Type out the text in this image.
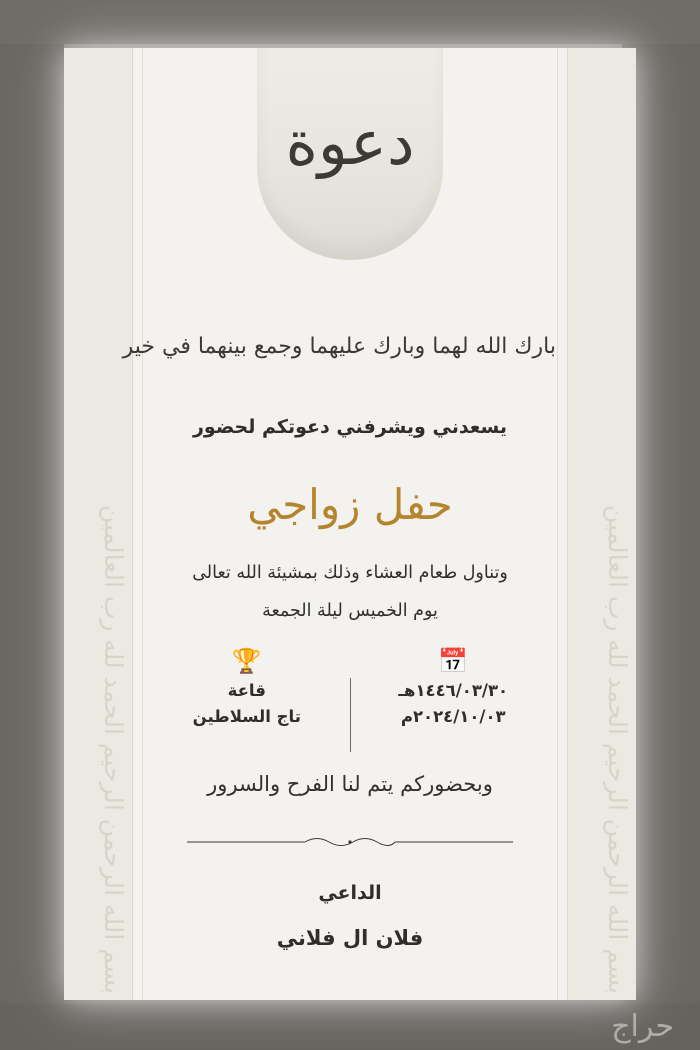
بسم الله الرحمن الرحيم الحمد لله رب العالمين
بسم الله الرحمن الرحيم الحمد لله رب العالمين
دعوة
بارك الله لهما وبارك عليهما وجمع بينهما في خير
يسعدني ويشرفني دعوتكم لحضور
حفل زواجي
وتناول طعام العشاء وذلك بمشيئة الله تعالى
يوم الخميس ليلة الجمعة
📅
١٤٤٦/٠٣/٣٠هـ
٢٠٢٤/١٠/٠٣م
🏆
قاعة
تاج السلاطين
وبحضوركم يتم لنا الفرح والسرور
الداعي
فلان ال فلاني
حراج
